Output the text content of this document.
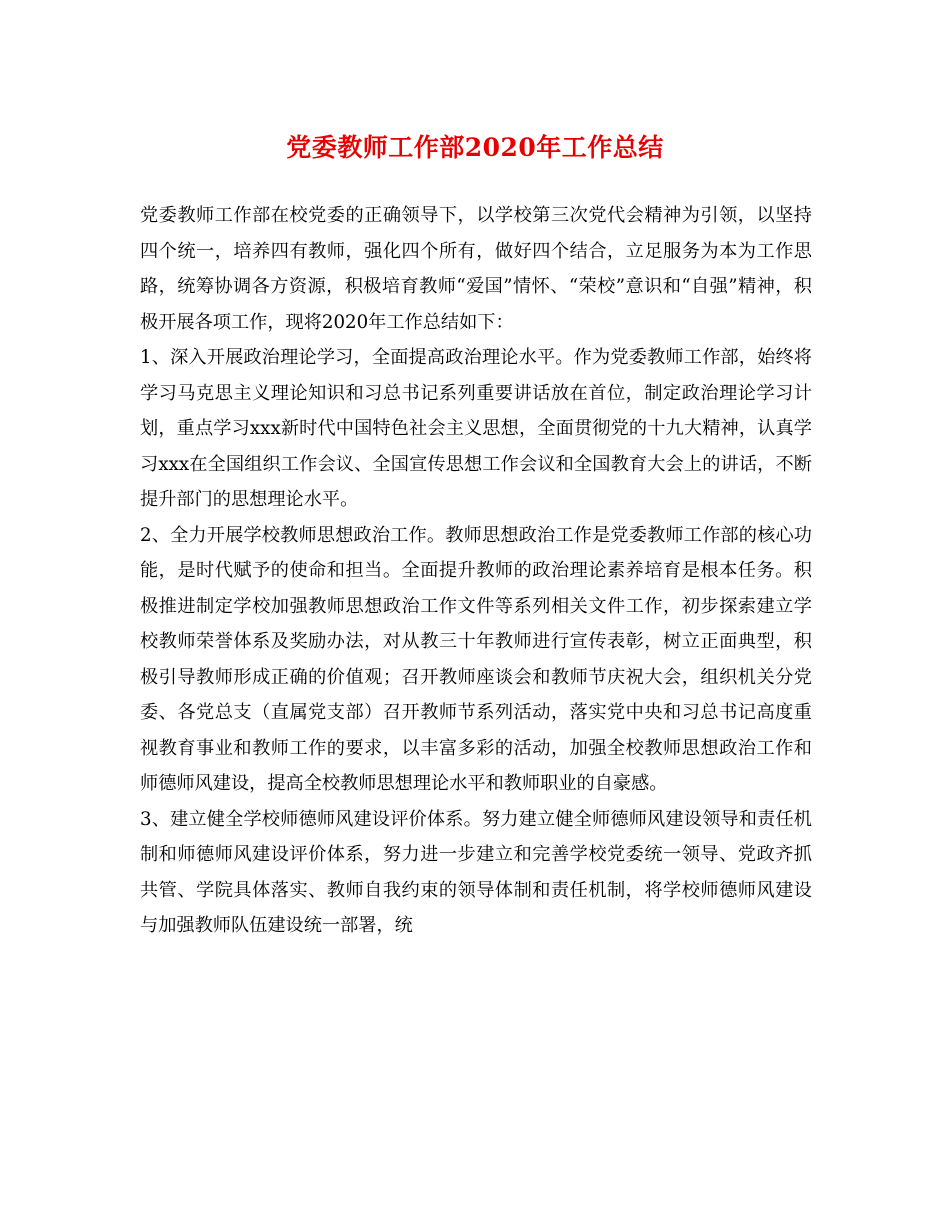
党委教师工作部2020年工作总结

党委教师工作部在校党委的正确领导下，以学校第三次党代会精神为引领，以坚持四个统一，培养四有教师，强化四个所有，做好四个结合，立足服务为本为工作思路，统筹协调各方资源，积极培育教师“爱国”情怀、“荣校”意识和“自强”精神，积极开展各项工作，现将2020年工作总结如下：

1、深入开展政治理论学习，全面提高政治理论水平。作为党委教师工作部，始终将学习马克思主义理论知识和习总书记系列重要讲话放在首位，制定政治理论学习计划，重点学习xxx新时代中国特色社会主义思想，全面贯彻党的十九大精神，认真学习xxx在全国组织工作会议、全国宣传思想工作会议和全国教育大会上的讲话，不断提升部门的思想理论水平。

2、全力开展学校教师思想政治工作。教师思想政治工作是党委教师工作部的核心功能，是时代赋予的使命和担当。全面提升教师的政治理论素养培育是根本任务。积极推进制定学校加强教师思想政治工作文件等系列相关文件工作，初步探索建立学校教师荣誉体系及奖励办法，对从教三十年教师进行宣传表彰，树立正面典型，积极引导教师形成正确的价值观；召开教师座谈会和教师节庆祝大会，组织机关分党委、各党总支（直属党支部）召开教师节系列活动，落实党中央和习总书记高度重视教育事业和教师工作的要求，以丰富多彩的活动，加强全校教师思想政治工作和师德师风建设，提高全校教师思想理论水平和教师职业的自豪感。

3、建立健全学校师德师风建设评价体系。努力建立健全师德师风建设领导和责任机制和师德师风建设评价体系，努力进一步建立和完善学校党委统一领导、党政齐抓共管、学院具体落实、教师自我约束的领导体制和责任机制，将学校师德师风建设与加强教师队伍建设统一部署，统
